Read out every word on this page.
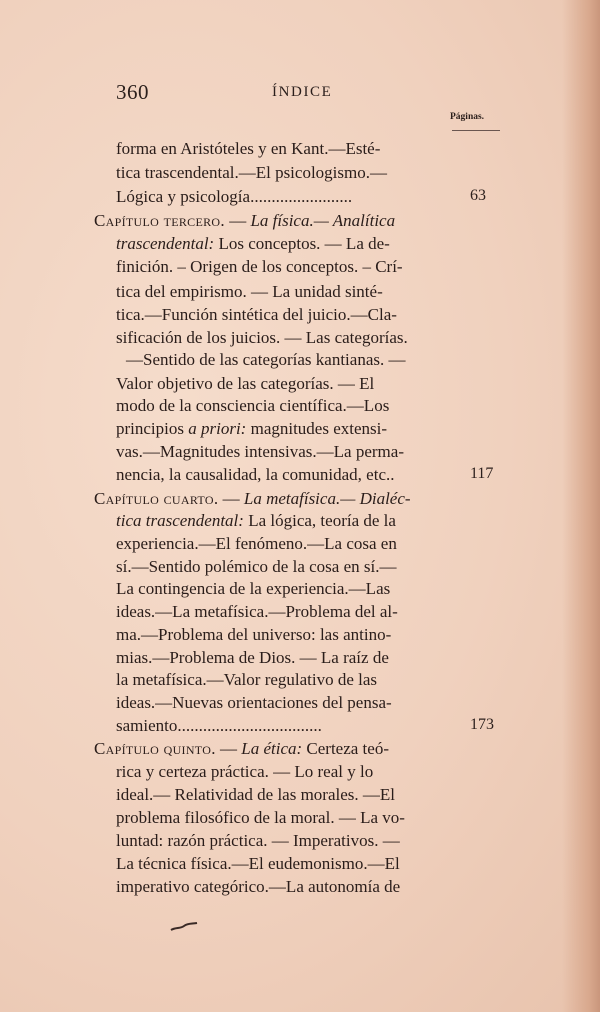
360	ÍNDICE
Páginas.
forma en Aristóteles y en Kant.—Esté-
tica trascendental.—El psicologismo.—
Lógica y psicología........................	63
Capítulo tercero. — La física.— Analítica
trascendental: Los conceptos. — La de-
finición. – Origen de los conceptos. – Crí-
tica del empirismo. — La unidad sinté-
tica.—Función sintética del juicio.—Cla-
sificación de los juicios. — Las categorías.
—Sentido de las categorías kantianas. —
Valor objetivo de las categorías. — El
modo de la consciencia científica.—Los
principios a priori: magnitudes extensi-
vas.—Magnitudes intensivas.—La perma-
nencia, la causalidad, la comunidad, etc..	117
Capítulo cuarto. — La metafísica.— Dialéc-
tica trascendental: La lógica, teoría de la
experiencia.—El fenómeno.—La cosa en
sí.—Sentido polémico de la cosa en sí.—
La contingencia de la experiencia.—Las
ideas.—La metafísica.—Problema del al-
ma.—Problema del universo: las antino-
mias.—Problema de Dios. — La raíz de
la metafísica.—Valor regulativo de las
ideas.—Nuevas orientaciones del pensa-
samiento..................................	173
Capítulo quinto. — La ética: Certeza teó-
rica y certeza práctica. — Lo real y lo
ideal.— Relatividad de las morales. —El
problema filosófico de la moral. — La vo-
luntad: razón práctica. — Imperativos. —
La técnica física.—El eudemonismo.—El
imperativo categórico.—La autonomía de
